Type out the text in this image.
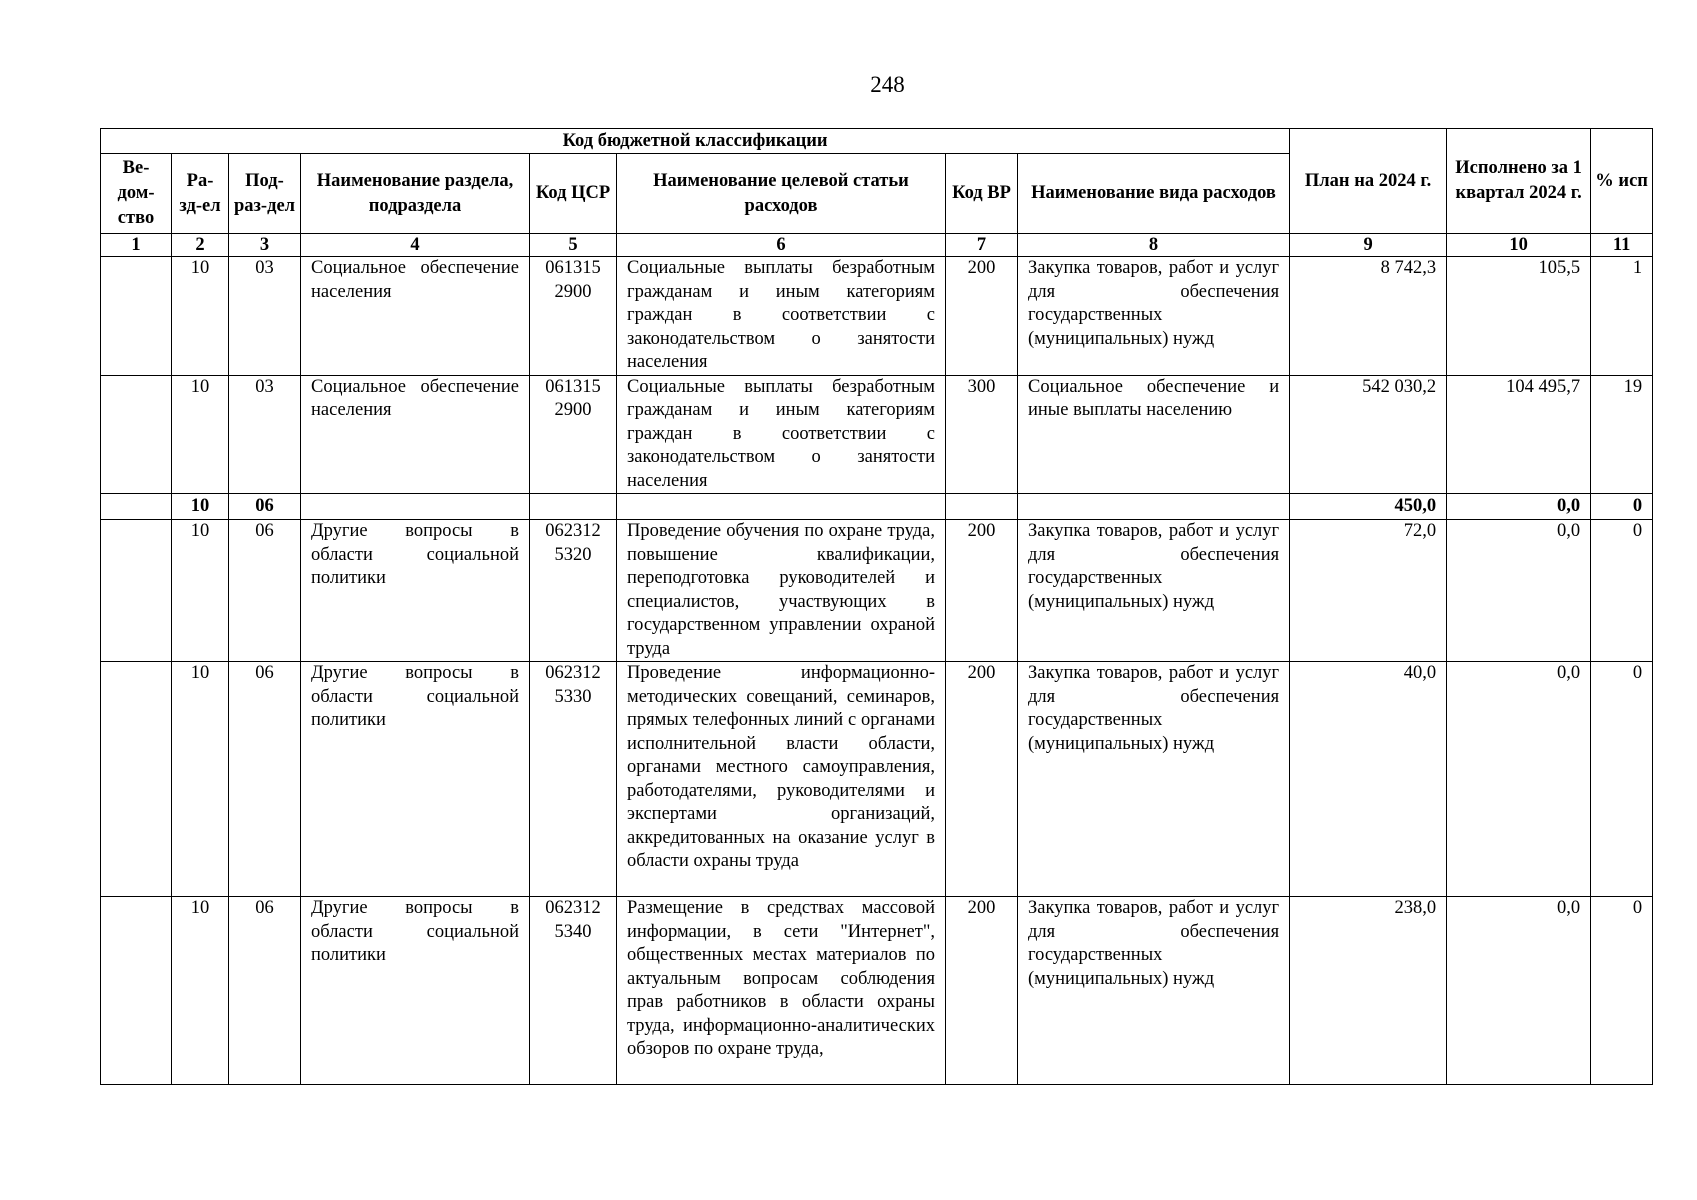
248
Код бюджетной классификации								План на 2024 г.	Исполнено за 1 квартал 2024 г.	% исп
Ве-дом-ство	Ра-зд-ел	Под-раз-дел	Наименование раздела, подраздела	Код ЦСР	Наименование целевой статьи расходов	Код ВР	Наименование вида расходов			
1	2	3	4	5	6	7	8	9	10	11
	10	03	Социальное обеспечение населения	061315 2900	Социальные выплаты безработным гражданам и иным категориям граждан в соответствии с законодательством о занятости населения	200	Закупка товаров, работ и услуг для обеспечения государственных (муниципальных) нужд	8 742,3	105,5	1
	10	03	Социальное обеспечение населения	061315 2900	Социальные выплаты безработным гражданам и иным категориям граждан в соответствии с законодательством о занятости населения	300	Социальное обеспечение и иные выплаты населению	542 030,2	104 495,7	19
	10	06						450,0	0,0	0
	10	06	Другие вопросы в области социальной политики	062312 5320	Проведение обучения по охране труда, повышение квалификации, переподготовка руководителей и специалистов, участвующих в государственном управлении охраной труда	200	Закупка товаров, работ и услуг для обеспечения государственных (муниципальных) нужд	72,0	0,0	0
	10	06	Другие вопросы в области социальной политики	062312 5330	Проведение информационно-методических совещаний, семинаров, прямых телефонных линий с органами исполнительной власти области, органами местного самоуправления, работодателями, руководителями и экспертами организаций, аккредитованных на оказание услуг в области охраны труда	200	Закупка товаров, работ и услуг для обеспечения государственных (муниципальных) нужд	40,0	0,0	0
	10	06	Другие вопросы в области социальной политики	062312 5340	Размещение в средствах массовой информации, в сети "Интернет", общественных местах материалов по актуальным вопросам соблюдения прав работников в области охраны труда, информационно-аналитических обзоров по охране труда,	200	Закупка товаров, работ и услуг для обеспечения государственных (муниципальных) нужд	238,0	0,0	0
